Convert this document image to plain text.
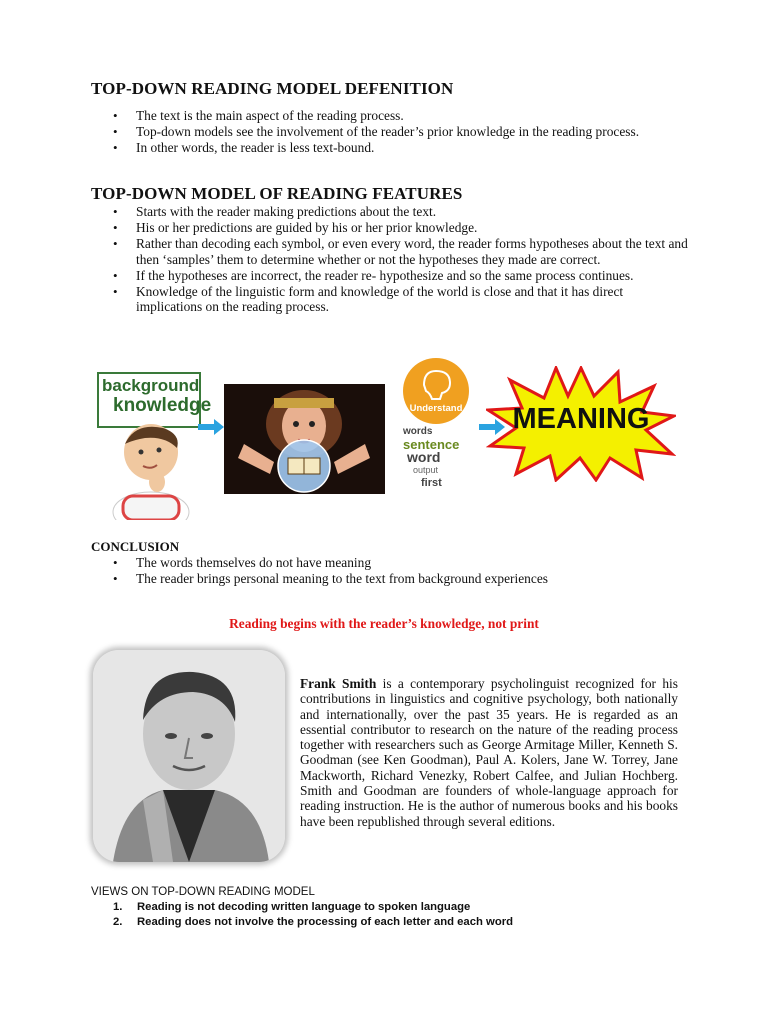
TOP-DOWN READING MODEL DEFENITION
• The text is the main aspect of the reading process.
• Top-down models see the involvement of the reader’s prior knowledge in the reading process.
• In other words, the reader is less text-bound.
TOP-DOWN MODEL OF READING FEATURES
• Starts with the reader making predictions about the text.
• His or her predictions are guided by his or her prior knowledge.
• Rather than decoding each symbol, or even every word, the reader forms hypotheses about the text and then ‘samples’ them to determine whether or not the hypotheses they made are correct.
• If the hypotheses are incorrect, the reader re- hypothesize and so the same process continues.
• Knowledge of the linguistic form and knowledge of the world is close and that it has direct implications on the reading process.
background
knowledge	Understand
words
sentence
word
output
first
MEANING
CONCLUSION
• The words themselves do not have meaning
• The reader brings personal meaning to the text from background experiences
Reading begins with the reader’s knowledge, not print
Frank Smith is a contemporary psycholinguist recognized for his contributions in linguistics and cognitive psychology, both nationally and internationally, over the past 35 years. He is regarded as an essential contributor to research on the nature of the reading process together with researchers such as George Armitage Miller, Kenneth S. Goodman (see Ken Goodman), Paul A. Kolers, Jane W. Torrey, Jane Mackworth, Richard Venezky, Robert Calfee, and Julian Hochberg. Smith and Goodman are founders of whole-language approach for reading instruction. He is the author of numerous books and his books have been republished through several editions.
VIEWS ON TOP-DOWN READING MODEL
1. Reading is not decoding written language to spoken language
2. Reading does not involve the processing of each letter and each word
